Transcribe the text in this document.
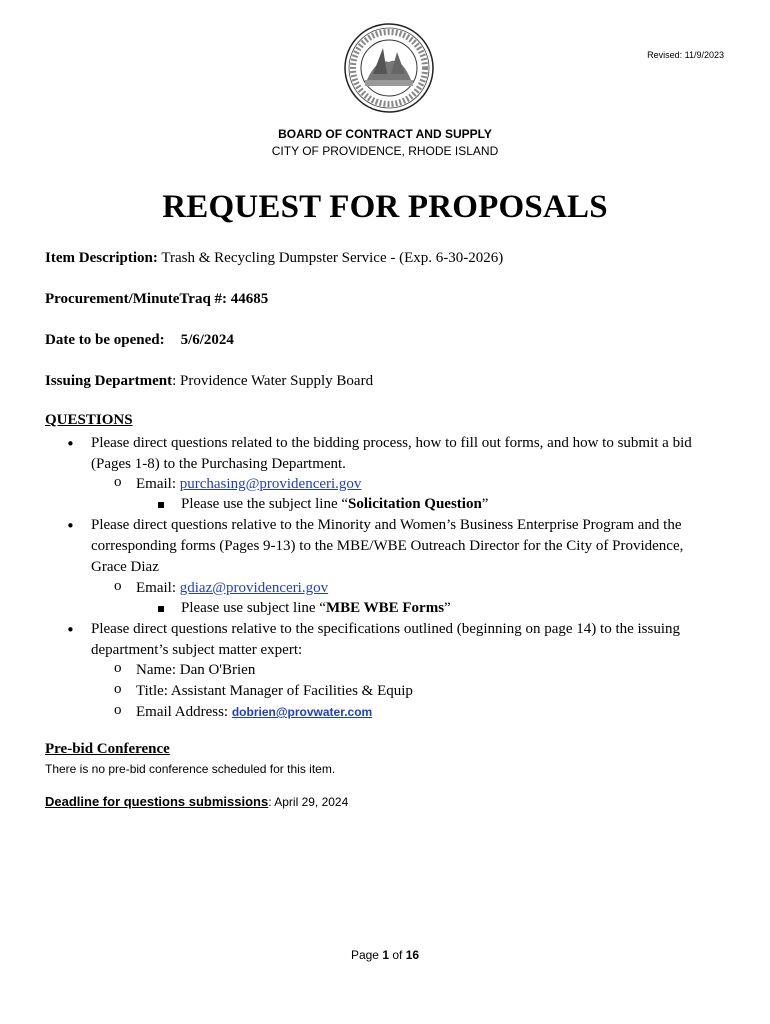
Revised: 11/9/2023
BOARD OF CONTRACT AND SUPPLY
CITY OF PROVIDENCE, RHODE ISLAND
REQUEST FOR PROPOSALS
Item Description: Trash & Recycling Dumpster Service - (Exp. 6-30-2026)
Procurement/MinuteTraq #: 44685
Date to be opened: 5/6/2024
Issuing Department: Providence Water Supply Board
QUESTIONS
• Please direct questions related to the bidding process, how to fill out forms, and how to submit a bid
(Pages 1-8) to the Purchasing Department.
o Email: purchasing@providenceri.gov
Please use the subject line “Solicitation Question”
• Please direct questions relative to the Minority and Women’s Business Enterprise Program and the
corresponding forms (Pages 9-13) to the MBE/WBE Outreach Director for the City of Providence,
Grace Diaz
o Email: gdiaz@providenceri.gov
Please use subject line “MBE WBE Forms”
• Please direct questions relative to the specifications outlined (beginning on page 14) to the issuing
department’s subject matter expert:
o Name: Dan O'Brien
o Title: Assistant Manager of Facilities & Equip
o Email Address: dobrien@provwater.com
Pre-bid Conference
There is no pre-bid conference scheduled for this item.
Deadline for questions submissions: April 29, 2024
Page 1 of 16
